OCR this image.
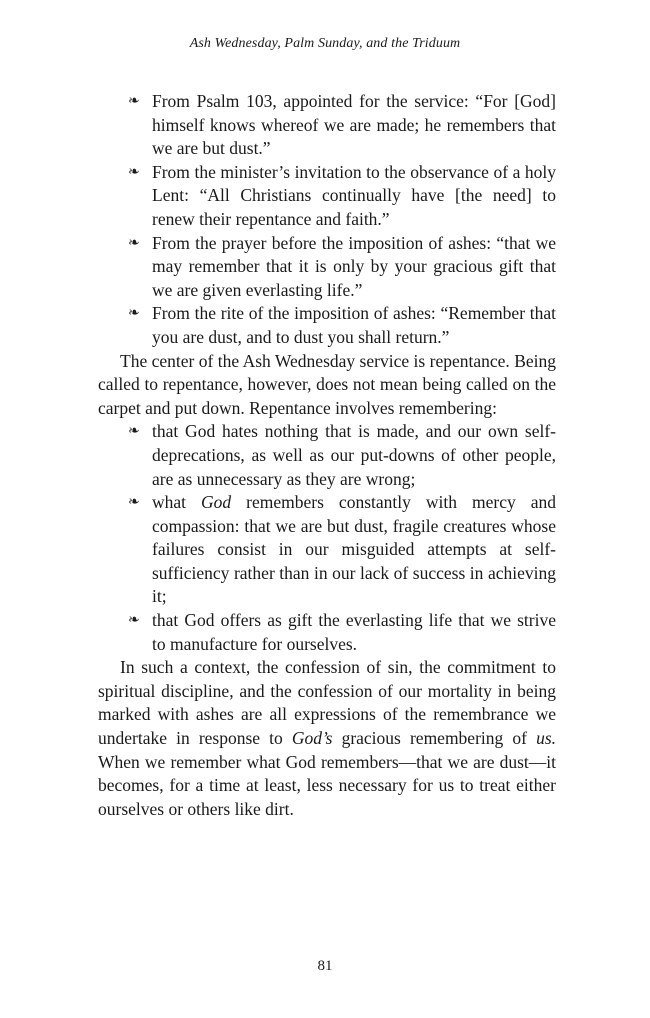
Ash Wednesday, Palm Sunday, and the Triduum
❧ From Psalm 103, appointed for the service: “For [God] himself knows whereof we are made; he remembers that we are but dust.”
❧ From the minister’s invitation to the observance of a holy Lent: “All Christians continually have [the need] to renew their repentance and faith.”
❧ From the prayer before the imposition of ashes: “that we may remember that it is only by your gracious gift that we are given everlasting life.”
❧ From the rite of the imposition of ashes: “Remember that you are dust, and to dust you shall return.”

The center of the Ash Wednesday service is repentance. Being called to repentance, however, does not mean being called on the carpet and put down. Repentance involves remembering:

❧ that God hates nothing that is made, and our own self-deprecations, as well as our put-downs of other people, are as unnecessary as they are wrong;
❧ what God remembers constantly with mercy and compassion: that we are but dust, fragile creatures whose failures consist in our misguided attempts at self-sufficiency rather than in our lack of success in achieving it;
❧ that God offers as gift the everlasting life that we strive to manufacture for ourselves.

In such a context, the confession of sin, the commitment to spiritual discipline, and the confession of our mortality in being marked with ashes are all expressions of the remembrance we undertake in response to God’s gracious remembering of us. When we remember what God remembers—that we are dust—it becomes, for a time at least, less necessary for us to treat either ourselves or others like dirt.

81
